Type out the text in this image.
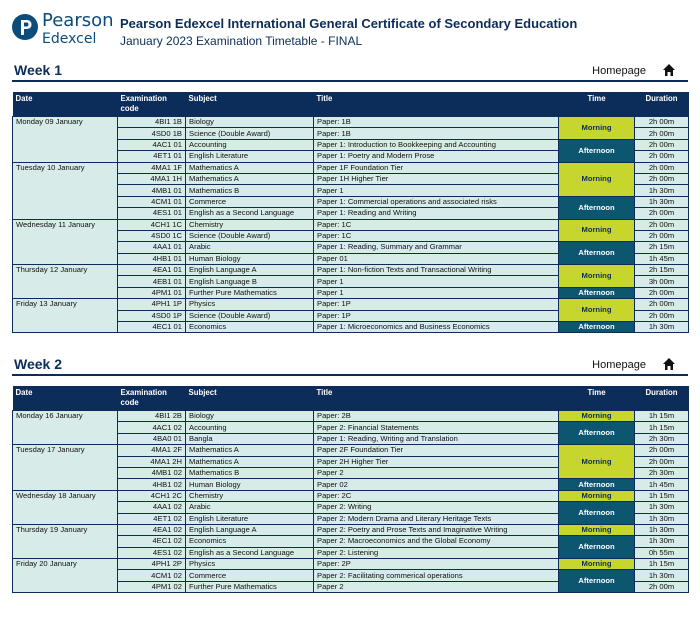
Pearson
Edexcel
Pearson Edexcel International General Certificate of Secondary Education
January 2023 Examination Timetable - FINAL
Week 1	Homepage
Date	Examination code	Subject	Title	Time	Duration
Monday 09 January	4BI1 1B	Biology	Paper: 1B	Morning	2h 00m
	4SD0 1B	Science (Double Award)	Paper: 1B		2h 00m
	4AC1 01	Accounting	Paper 1: Introduction to Bookkeeping and Accounting	Afternoon	2h 00m
	4ET1 01	English Literature	Paper 1: Poetry and Modern Prose		2h 00m
Tuesday 10 January	4MA1 1F	Mathematics A	Paper 1F Foundation Tier	Morning	2h 00m
	4MA1 1H	Mathematics A	Paper 1H Higher Tier		2h 00m
	4MB1 01	Mathematics B	Paper 1		1h 30m
	4CM1 01	Commerce	Paper 1: Commercial operations and associated risks	Afternoon	1h 30m
	4ES1 01	English as a Second Language	Paper 1: Reading and Writing		2h 00m
Wednesday 11 January	4CH1 1C	Chemistry	Paper: 1C	Morning	2h 00m
	4SD0 1C	Science (Double Award)	Paper: 1C		2h 00m
	4AA1 01	Arabic	Paper 1: Reading, Summary and Grammar	Afternoon	2h 15m
	4HB1 01	Human Biology	Paper 01		1h 45m
Thursday 12 January	4EA1 01	English Language A	Paper 1: Non-fiction Texts and Transactional Writing	Morning	2h 15m
	4EB1 01	English Language B	Paper 1		3h 00m
	4PM1 01	Further Pure Mathematics	Paper 1	Afternoon	2h 00m
Friday 13 January	4PH1 1P	Physics	Paper: 1P	Morning	2h 00m
	4SD0 1P	Science (Double Award)	Paper: 1P		2h 00m
	4EC1 01	Economics	Paper 1: Microeconomics and Business Economics	Afternoon	1h 30m
Week 2	Homepage
Date	Examination code	Subject	Title	Time	Duration
Monday 16 January	4BI1 2B	Biology	Paper: 2B	Morning	1h 15m
	4AC1 02	Accounting	Paper 2: Financial Statements	Afternoon	1h 15m
	4BA0 01	Bangla	Paper 1: Reading, Writing and Translation		2h 30m
Tuesday 17 January	4MA1 2F	Mathematics A	Paper 2F Foundation Tier	Morning	2h 00m
	4MA1 2H	Mathematics A	Paper 2H Higher Tier		2h 00m
	4MB1 02	Mathematics B	Paper 2		2h 30m
	4HB1 02	Human Biology	Paper 02	Afternoon	1h 45m
Wednesday 18 January	4CH1 2C	Chemistry	Paper: 2C	Morning	1h 15m
	4AA1 02	Arabic	Paper 2: Writing	Afternoon	1h 30m
	4ET1 02	English Literature	Paper 2: Modern Drama and Literary Heritage Texts		1h 30m
Thursday 19 January	4EA1 02	English Language A	Paper 2: Poetry and Prose Texts and Imaginative Writing	Morning	1h 30m
	4EC1 02	Economics	Paper 2: Macroeconomics and the Global Economy	Afternoon	1h 30m
	4ES1 02	English as a Second Language	Paper 2: Listening		0h 55m
Friday 20 January	4PH1 2P	Physics	Paper: 2P	Morning	1h 15m
	4CM1 02	Commerce	Paper 2: Facilitating commerical operations	Afternoon	1h 30m
	4PM1 02	Further Pure Mathematics	Paper 2		2h 00m
